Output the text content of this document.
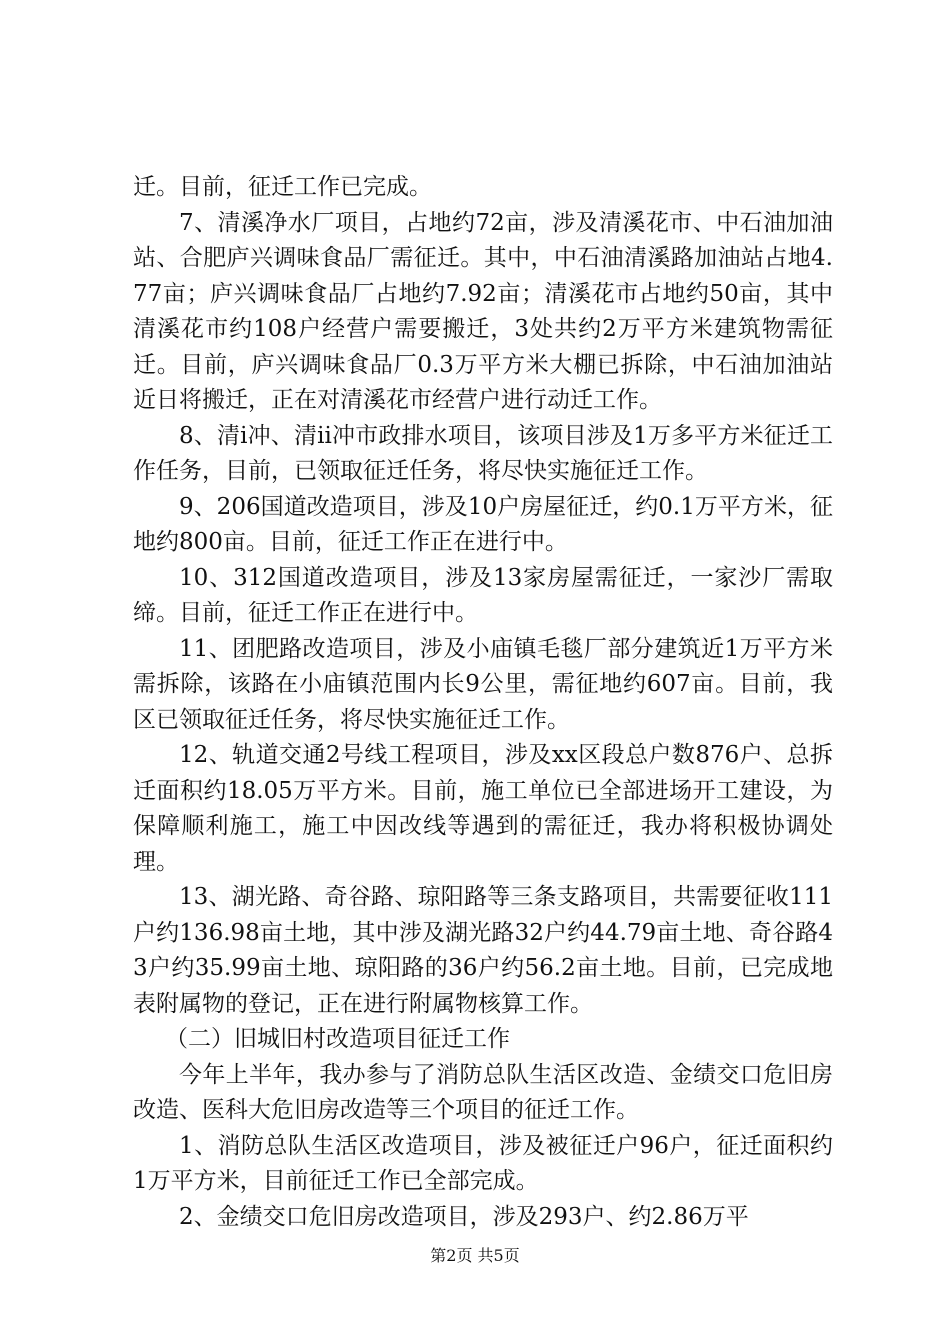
迁。目前，征迁工作已完成。

7、清溪净水厂项目，占地约72亩，涉及清溪花市、中石油加油站、合肥庐兴调味食品厂需征迁。其中，中石油清溪路加油站占地4.77亩；庐兴调味食品厂占地约7.92亩；清溪花市占地约50亩，其中清溪花市约108户经营户需要搬迁，3处共约2万平方米建筑物需征迁。目前，庐兴调味食品厂0.3万平方米大棚已拆除，中石油加油站近日将搬迁，正在对清溪花市经营户进行动迁工作。

8、清ⅰ冲、清ⅱ冲市政排水项目，该项目涉及1万多平方米征迁工作任务，目前，已领取征迁任务，将尽快实施征迁工作。

9、206国道改造项目，涉及10户房屋征迁，约0.1万平方米，征地约800亩。目前，征迁工作正在进行中。

10、312国道改造项目，涉及13家房屋需征迁，一家沙厂需取缔。目前，征迁工作正在进行中。

11、团肥路改造项目，涉及小庙镇毛毯厂部分建筑近1万平方米需拆除，该路在小庙镇范围内长9公里，需征地约607亩。目前，我区已领取征迁任务，将尽快实施征迁工作。

12、轨道交通2号线工程项目，涉及xx区段总户数876户、总拆迁面积约18.05万平方米。目前，施工单位已全部进场开工建设，为保障顺利施工，施工中因改线等遇到的需征迁，我办将积极协调处理。

13、湖光路、奇谷路、琼阳路等三条支路项目，共需要征收111户约136.98亩土地，其中涉及湖光路32户约44.79亩土地、奇谷路43户约35.99亩土地、琼阳路的36户约56.2亩土地。目前，已完成地表附属物的登记，正在进行附属物核算工作。

（二）旧城旧村改造项目征迁工作

今年上半年，我办参与了消防总队生活区改造、金绩交口危旧房改造、医科大危旧房改造等三个项目的征迁工作。

1、消防总队生活区改造项目，涉及被征迁户96户，征迁面积约1万平方米，目前征迁工作已全部完成。

2、金绩交口危旧房改造项目，涉及293户、约2.86万平

第2页 共5页
